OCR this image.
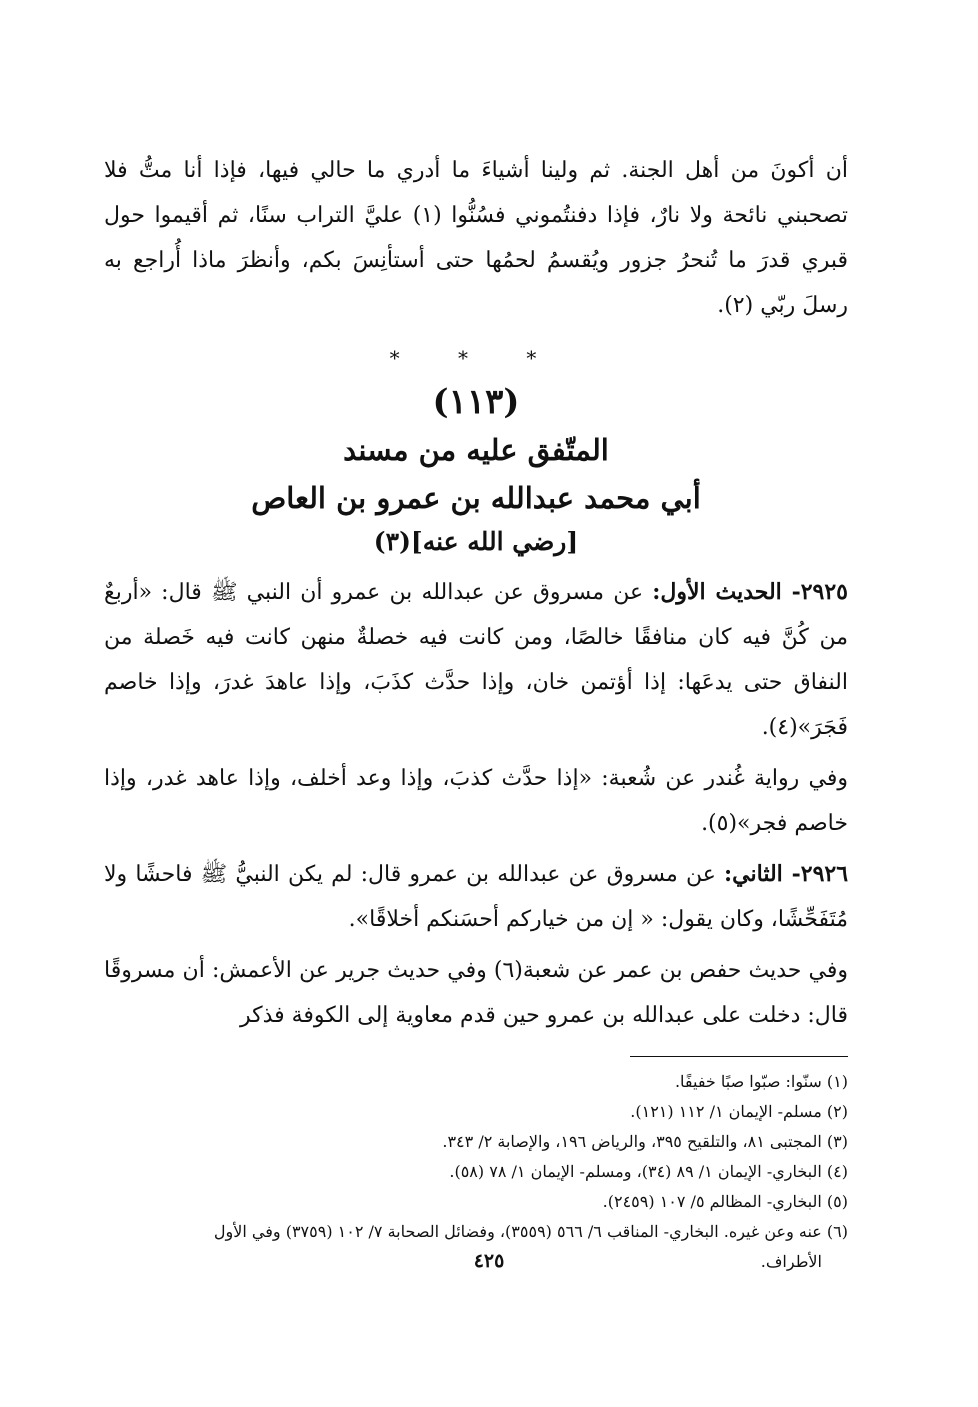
أن أكونَ من أهل الجنة. ثم ولينا أشياءَ ما أدري ما حالي فيها، فإذا أنا متُّ فلا تصحبني نائحة ولا نارٌ، فإذا دفنتُموني فسُنُّوا (١) عليَّ التراب سنًا، ثم أقيموا حول قبري قدرَ ما تُنحرُ جزور ويُقسمُ لحمُها حتى أستأنِسَ بكم، وأنظرَ ماذا أُراجع به رسلَ ربّي (٢).

* * *

(١١٣)

المتّفق عليه من مسند

أبي محمد عبدالله بن عمرو بن العاص

[رضي الله عنه](٣)

٢٩٢٥- الحديث الأول: عن مسروق عن عبدالله بن عمرو أن النبي ﷺ قال: «أربعٌ من كُنَّ فيه كان منافقًا خالصًا، ومن كانت فيه خصلةٌ منهن كانت فيه خَصلة من النفاق حتى يدعَها: إذا أؤتمن خان، وإذا حدَّث كذَبَ، وإذا عاهدَ غدرَ، وإذا خاصم فَجَرَ»(٤).

وفي رواية غُندر عن شُعبة: «إذا حدَّث كذبَ، وإذا وعد أخلف، وإذا عاهد غدر، وإذا خاصم فجر»(٥).

٢٩٢٦- الثاني: عن مسروق عن عبدالله بن عمرو قال: لم يكن النبيُّ ﷺ فاحشًا ولا مُتَفَحِّشًا، وكان يقول: « إن من خياركم أحسَنكم أخلاقًا».

وفي حديث حفص بن عمر عن شعبة(٦) وفي حديث جرير عن الأعمش: أن مسروقًا قال: دخلت على عبدالله بن عمرو حين قدم معاوية إلى الكوفة فذكر

(١) سنّوا: صبّوا صبًا خفيفًا.

(٢) مسلم- الإيمان ١/ ١١٢ (١٢١).

(٣) المجتبى ٨١، والتلقيح ٣٩٥، والرياض ١٩٦، والإصابة ٢/ ٣٤٣.

(٤) البخاري- الإيمان ١/ ٨٩ (٣٤)، ومسلم- الإيمان ١/ ٧٨ (٥٨).

(٥) البخاري- المظالم ٥/ ١٠٧ (٢٤٥٩).

(٦) عنه وعن غيره. البخاري- المناقب ٦/ ٥٦٦ (٣٥٥٩)، وفضائل الصحابة ٧/ ١٠٢ (٣٧٥٩) وفي الأول

الأطراف.

٤٢٥
